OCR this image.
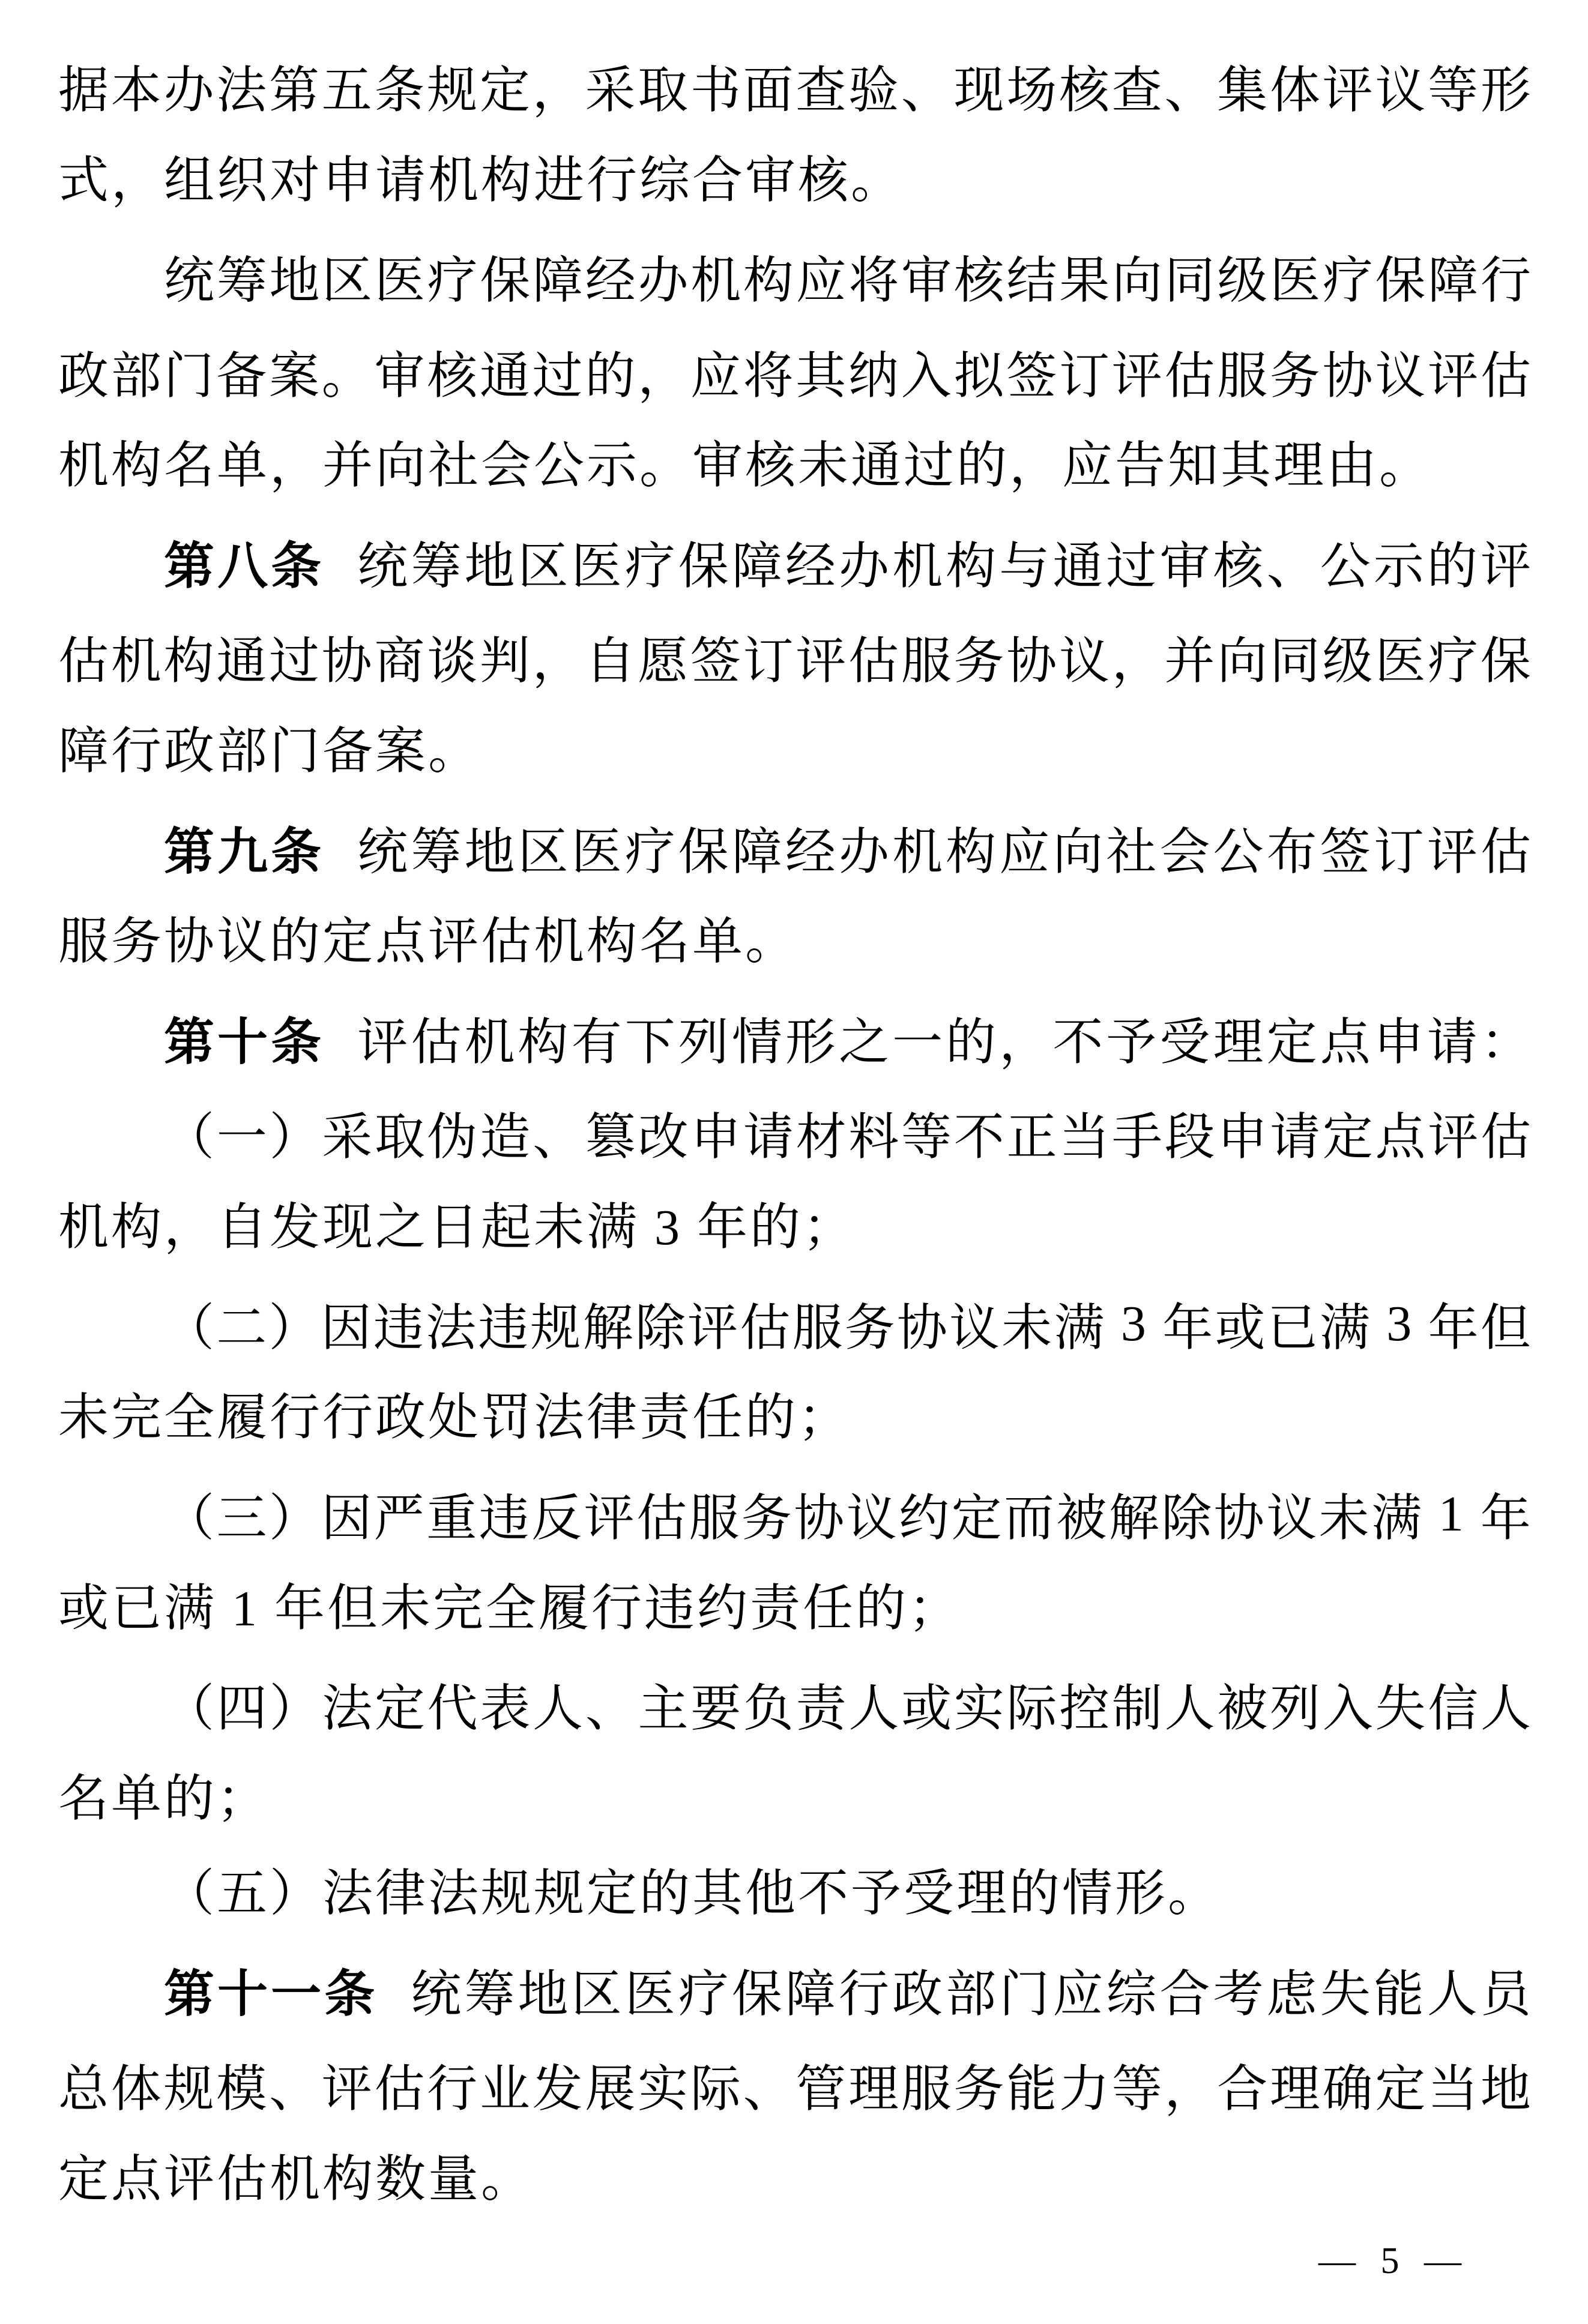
据 本 办 法 第 五 条 规 定 ， 采 取 书 面 查 验 、 现 场 核 查 、 集 体 评 议 等 形
式，组织对申请机构进行综合审核。
统 筹 地 区 医 疗 保 障 经 办 机 构 应 将 审 核 结 果 向 同 级 医 疗 保 障 行
政 部 门 备 案 。 审 核 通 过 的 ， 应 将 其 纳 入 拟 签 订 评 估 服 务 协 议 评 估
机构名单，并向社会公示。审核未通过的，应告知其理由。
第 八 条 统 筹 地 区 医 疗 保 障 经 办 机 构 与 通 过 审 核 、 公 示 的 评
估 机 构 通 过 协 商 谈 判 ， 自 愿 签 订 评 估 服 务 协 议 ， 并 向 同 级 医 疗 保
障行政部门备案。
第 九 条 统 筹 地 区 医 疗 保 障 经 办 机 构 应 向 社 会 公 布 签 订 评 估
服务协议的定点评估机构名单。
第 十 条 评 估 机 构 有 下 列 情 形 之 一 的 ， 不 予 受 理 定 点 申 请 ：
（ 一 ） 采 取 伪 造 、 篡 改 申 请 材 料 等 不 正 当 手 段 申 请 定 点 评 估
机构，自发现之日起未满 3 年的；
（ 二 ） 因 违 法 违 规 解 除 评 估 服 务 协 议 未 满
3
年 或 已 满
3
年 但
未完全履行行政处罚法律责任的；
（ 三 ） 因 严 重 违 反 评 估 服 务 协 议 约 定 而 被 解 除 协 议 未 满
1
年
或已满 1 年但未完全履行违约责任的；
（ 四 ） 法 定 代 表 人 、 主 要 负 责 人 或 实 际 控 制 人 被 列 入 失 信 人
名单的；
（五）法律法规规定的其他不予受理的情形。
第 十 一 条 统 筹 地 区 医 疗 保 障 行 政 部 门 应 综 合 考 虑 失 能 人 员
总 体 规 模 、 评 估 行 业 发 展 实 际 、 管 理 服 务 能 力 等 ， 合 理 确 定 当 地
定点评估机构数量。
— 5 —
